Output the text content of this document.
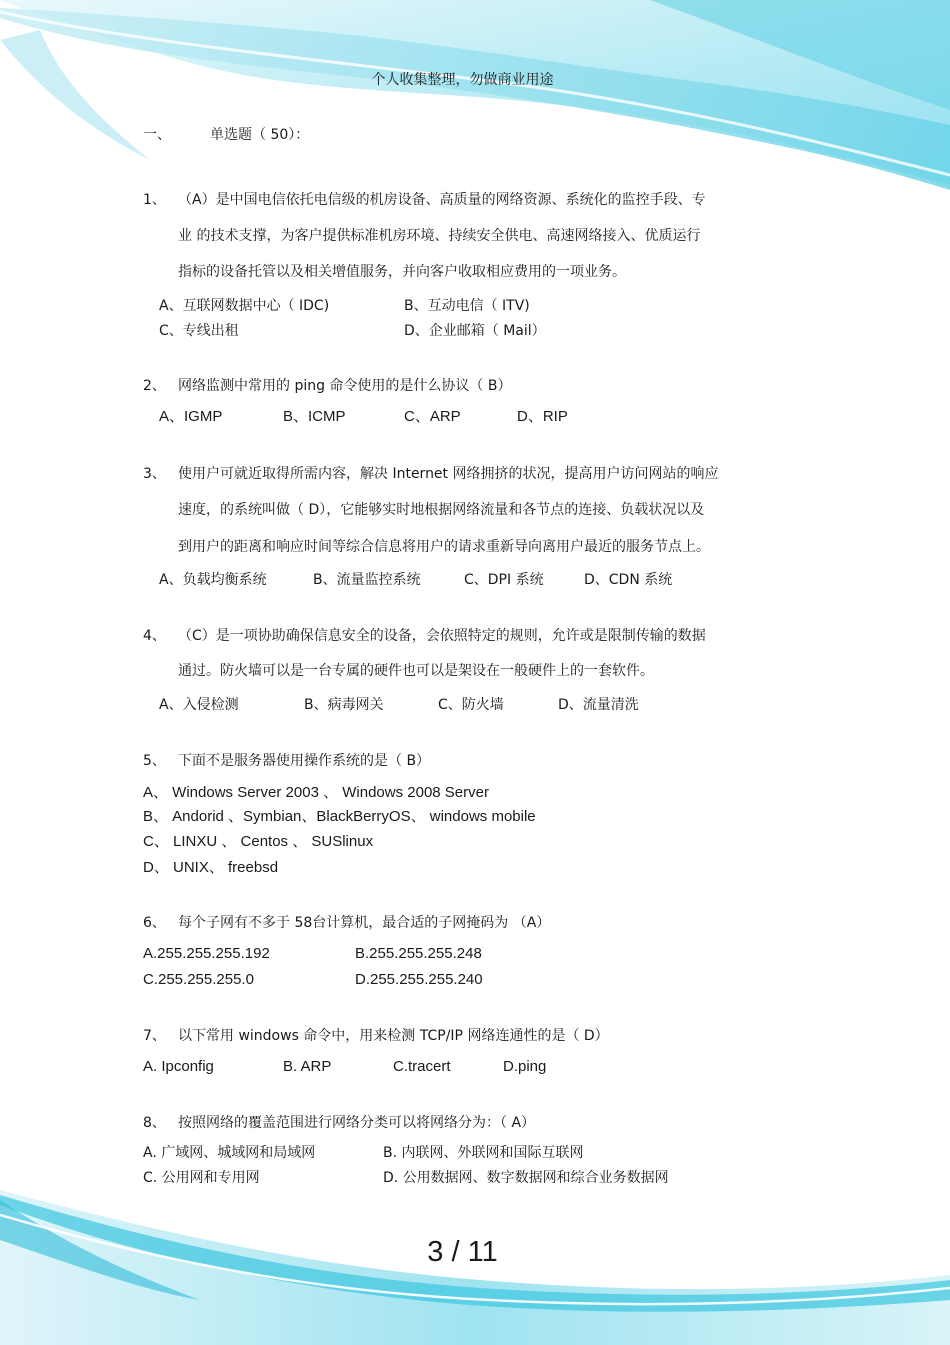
个人收集整理，勿做商业用途
一、	单选题（ 50）：
1、 （A）是中国电信依托电信级的机房设备、高质量的网络资源、系统化的监控手段、专
业 的技术支撑，为客户提供标准机房环境、持续安全供电、高速网络接入、优质运行
指标的设备托管以及相关增值服务，并向客户收取相应费用的一项业务。
A、互联网数据中心（ IDC)	B、互动电信（ ITV)
C、专线出租	D、企业邮箱（ Mail）
2、 网络监测中常用的 ping 命令使用的是什么协议（ B）
A、IGMP	B、ICMP	C、ARP	D、RIP
3、 使用户可就近取得所需内容，解决 Internet 网络拥挤的状况，提高用户访问网站的响应
速度，的系统叫做（ D），它能够实时地根据网络流量和各节点的连接、负载状况以及
到用户的距离和响应时间等综合信息将用户的请求重新导向离用户最近的服务节点上。
A、负载均衡系统	B、流量监控系统	C、DPI 系统	D、CDN 系统
4、 （C）是一项协助确保信息安全的设备，会依照特定的规则，允许或是限制传输的数据
通过。防火墙可以是一台专属的硬件也可以是架设在一般硬件上的一套软件。
A、入侵检测	B、病毒网关	C、防火墙	D、流量清洗
5、 下面不是服务器使用操作系统的是（ B）
A、 Windows Server 2003 、 Windows 2008 Server
B、 Andorid 、Symbian、BlackBerryOS、 windows mobile
C、 LINXU 、 Centos 、 SUSlinux
D、 UNIX、 freebsd
6、 每个子网有不多于 58台计算机，最合适的子网掩码为 （A）
A.255.255.255.192	B.255.255.255.248
C.255.255.255.0	D.255.255.255.240
7、 以下常用 windows 命令中，用来检测 TCP/IP 网络连通性的是（ D）
A. Ipconfig	B. ARP	C.tracert	D.ping
8、 按照网络的覆盖范围进行网络分类可以将网络分为：（ A）
A. 广域网、城域网和局域网	B. 内联网、外联网和国际互联网
C. 公用网和专用网	D. 公用数据网、数字数据网和综合业务数据网
3 / 11
